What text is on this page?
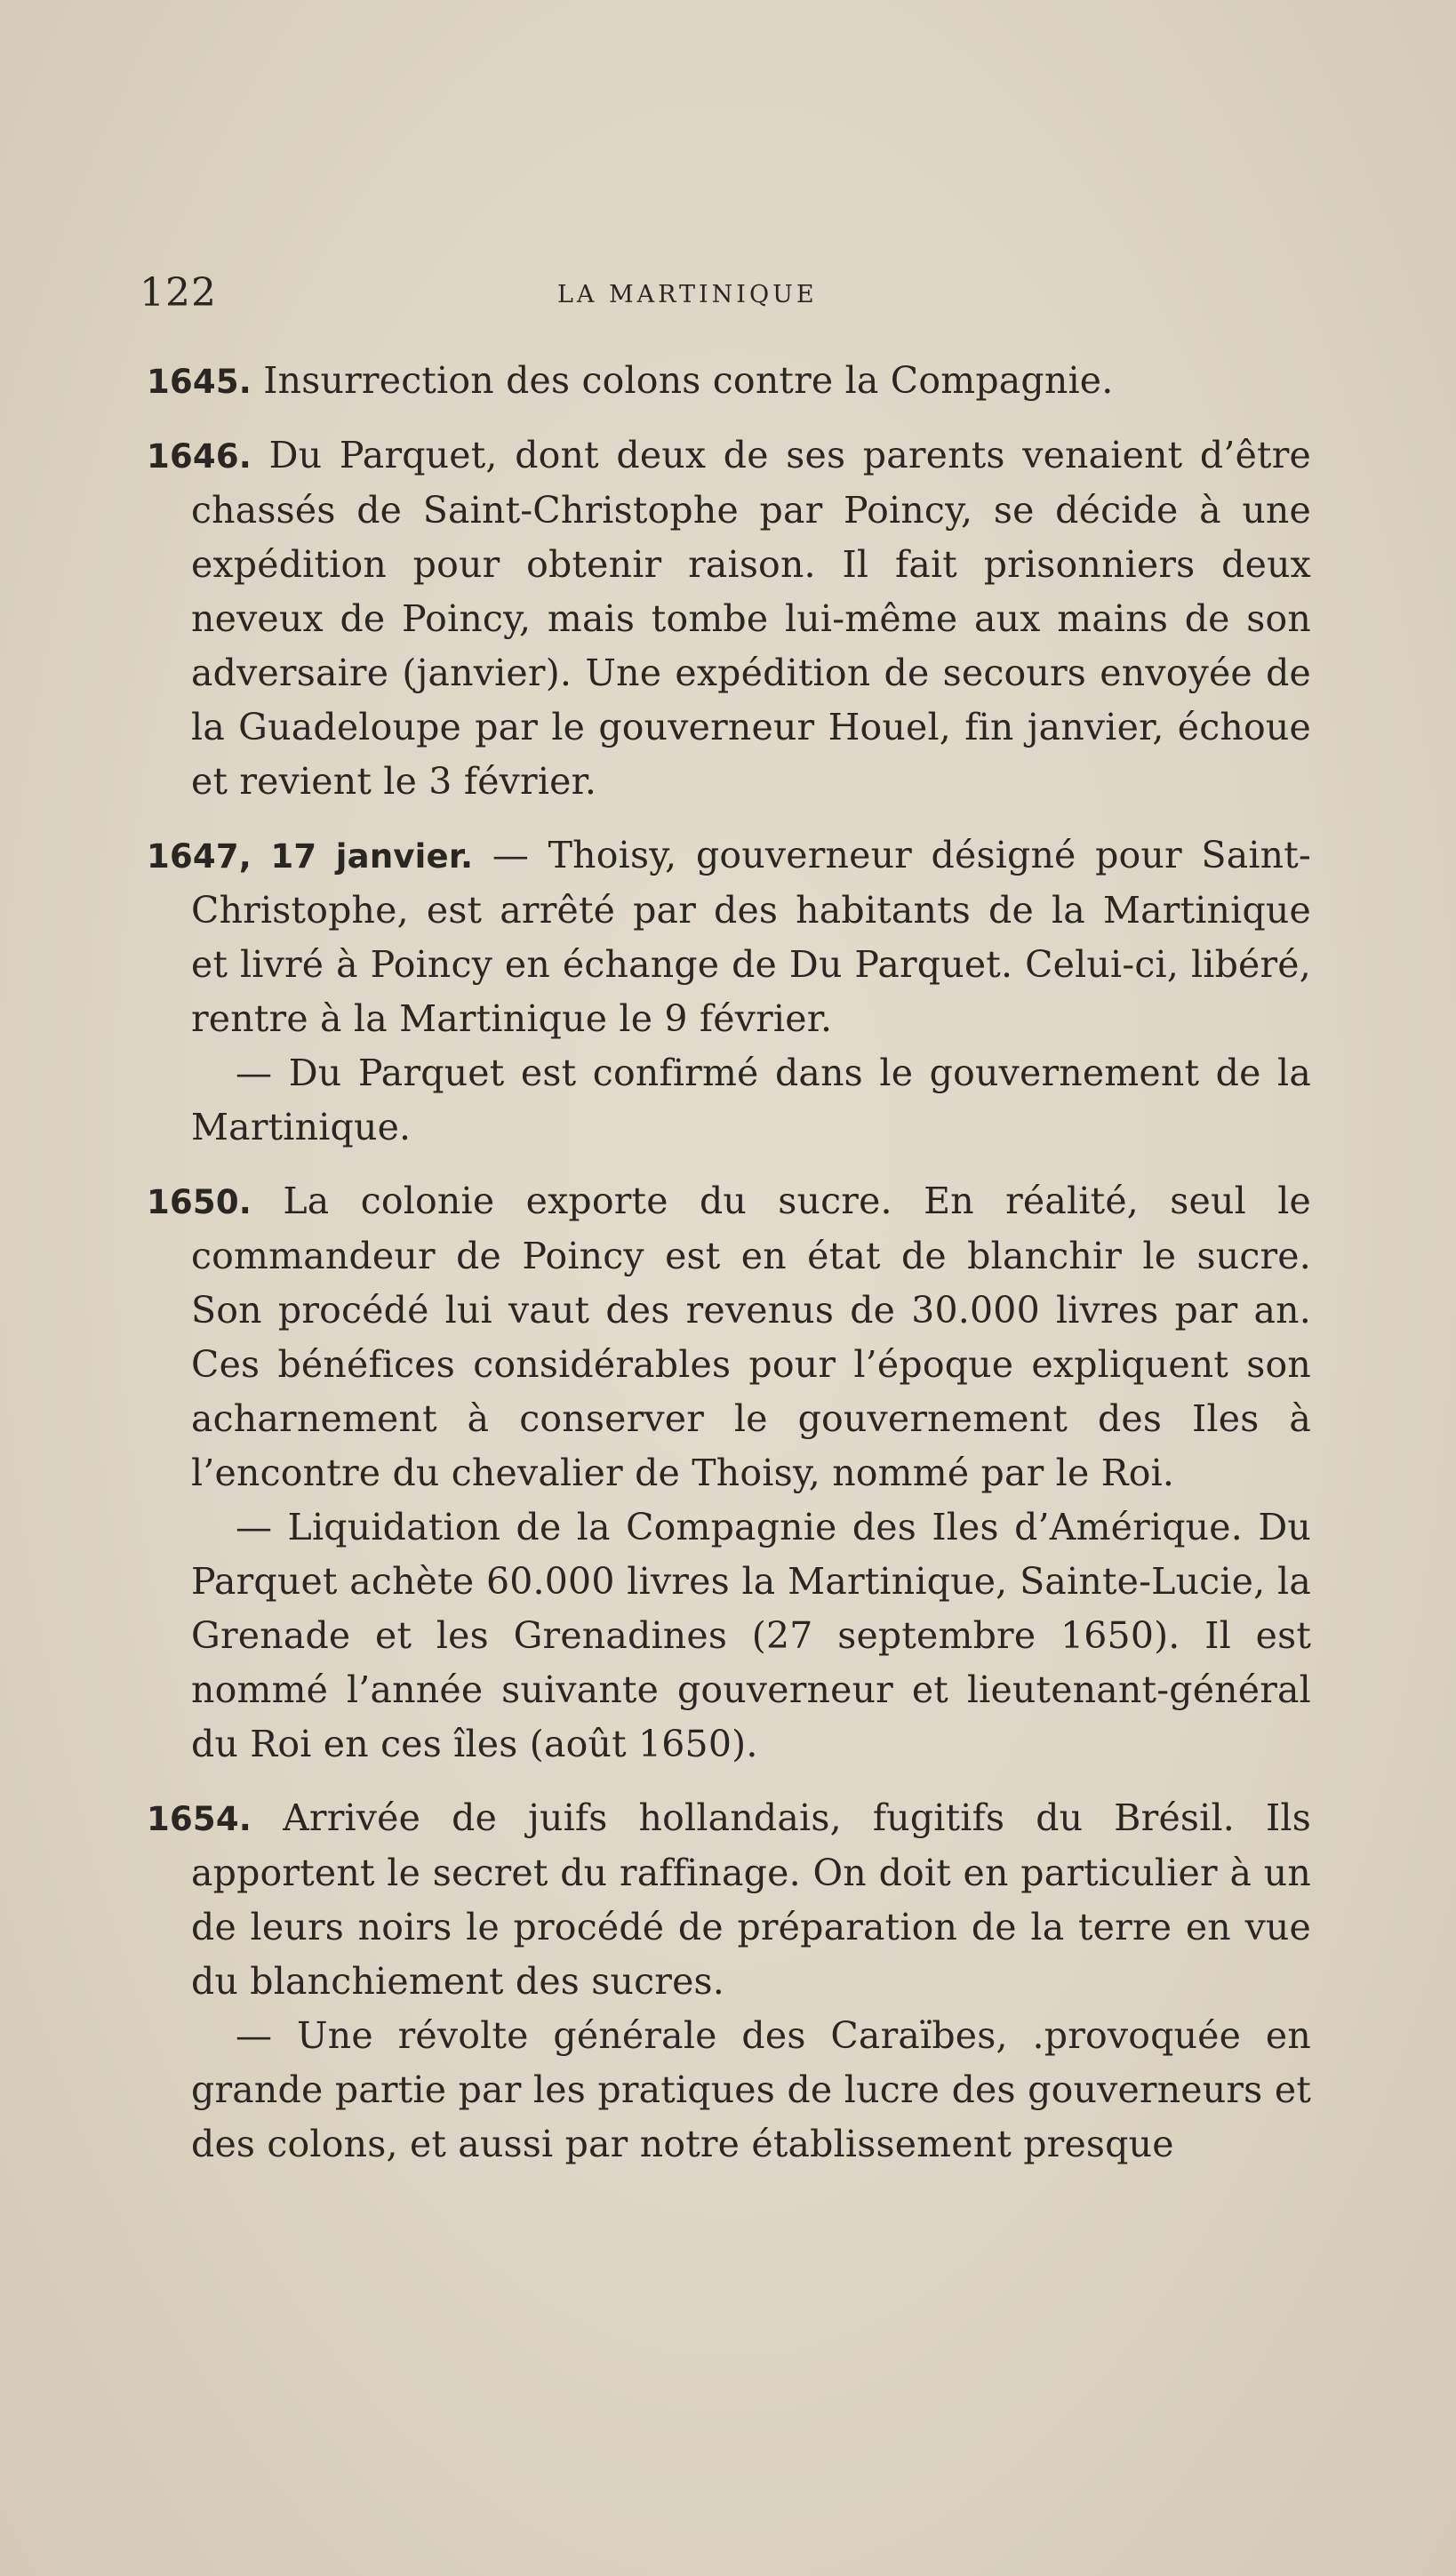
122	LA MARTINIQUE

1645. Insurrection des colons contre la Compagnie.

1646. Du Parquet, dont deux de ses parents venaient d’être chassés de Saint-Christophe par Poincy, se décide à une expédition pour obtenir raison. Il fait prisonniers deux neveux de Poincy, mais tombe lui-même aux mains de son adversaire (janvier). Une expédition de secours envoyée de la Guadeloupe par le gouverneur Houel, fin janvier, échoue et revient le 3 février.

1647, 17 janvier. — Thoisy, gouverneur désigné pour Saint-Christophe, est arrêté par des habitants de la Martinique et livré à Poincy en échange de Du Parquet. Celui-ci, libéré, rentre à la Martinique le 9 février.

— Du Parquet est confirmé dans le gouvernement de la Martinique.

1650. La colonie exporte du sucre. En réalité, seul le commandeur de Poincy est en état de blanchir le sucre. Son procédé lui vaut des revenus de 30.000 livres par an. Ces bénéfices considérables pour l’époque expliquent son acharnement à conserver le gouvernement des Iles à l’encontre du chevalier de Thoisy, nommé par le Roi.

— Liquidation de la Compagnie des Iles d’Amérique. Du Parquet achète 60.000 livres la Martinique, Sainte-Lucie, la Grenade et les Grenadines (27 septembre 1650). Il est nommé l’année suivante gouverneur et lieutenant-général du Roi en ces îles (août 1650).

1654. Arrivée de juifs hollandais, fugitifs du Brésil. Ils apportent le secret du raffinage. On doit en particulier à un de leurs noirs le procédé de préparation de la terre en vue du blanchiement des sucres.

— Une révolte générale des Caraïbes, .provoquée en grande partie par les pratiques de lucre des gouverneurs et des colons, et aussi par notre établissement presque
